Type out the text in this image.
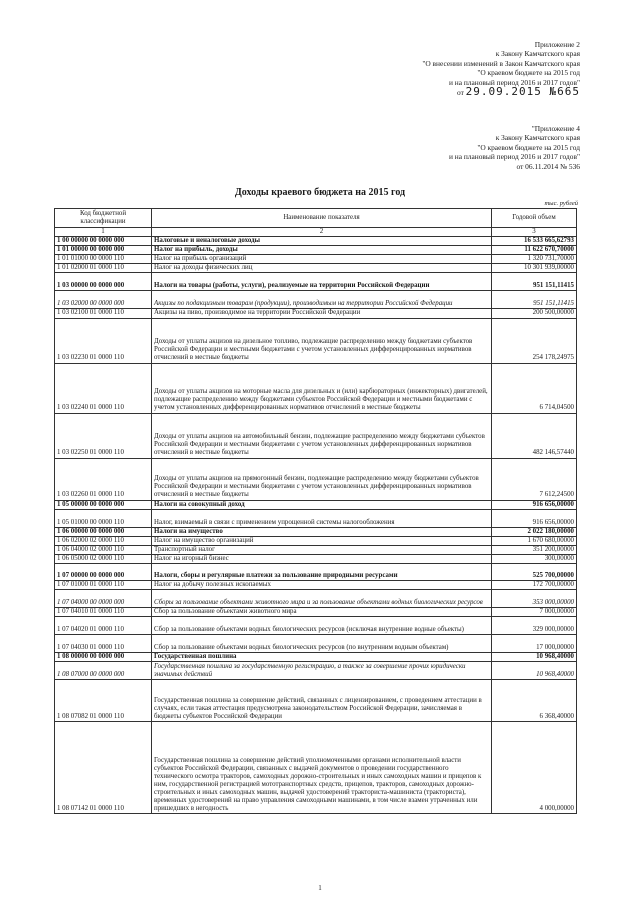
Приложение 2
к Закону Камчатского края
"О внесении изменений в Закон Камчатского края
"О краевом бюджете на 2015 год
и на плановый период 2016 и 2017 годов"
от 29.09.2015 №665
"Приложение 4
к Закону Камчатского края
"О краевом бюджете на 2015 год
и на плановый период 2016 и 2017 годов"
от 06.11.2014 № 536
Доходы краевого бюджета на 2015 год
тыс. рублей
Код бюджетной классификации	Наименование показателя	Годовой объем
1	2	3
1 00 00000 00 0000 000	Налоговые и неналоговые доходы	16 533 665,62793
1 01 00000 00 0000 000	Налог на прибыль, доходы	11 622 670,70000
1 01 01000 00 0000 110	Налог на прибыль организаций	1 320 731,70000
1 01 02000 01 0000 110	Налог на доходы физических лиц	10 301 939,00000
1 03 00000 00 0000 000	Налоги на товары (работы, услуги), реализуемые на территории Российской Федерации	951 151,11415
1 03 02000 00 0000 000	Акцизы по подакцизным товарам (продукции), производимым на территории Российской Федерации	951 151,11415
1 03 02100 01 0000 110	Акцизы на пиво, производимое на территории Российской Федерации	200 500,00000
1 03 02230 01 0000 110	Доходы от уплаты акцизов на дизельное топливо, подлежащие распределению между бюджетами субъектов Российской Федерации и местными бюджетами с учетом установленных дифференцированных нормативов отчислений в местные бюджеты	254 178,24975
1 03 02240 01 0000 110	Доходы от уплаты акцизов на моторные масла для дизельных и (или) карбюраторных (инжекторных) двигателей, подлежащие распределению между бюджетами субъектов Российской Федерации и местными бюджетами с учетом установленных дифференцированных нормативов отчислений в местные бюджеты	6 714,04500
1 03 02250 01 0000 110	Доходы от уплаты акцизов на автомобильный бензин, подлежащие распределению между бюджетами субъектов Российской Федерации и местными бюджетами с учетом установленных дифференцированных нормативов отчислений в местные бюджеты	482 146,57440
1 03 02260 01 0000 110	Доходы от уплаты акцизов на прямогонный бензин, подлежащие распределению между бюджетами субъектов Российской Федерации и местными бюджетами с учетом установленных дифференцированных нормативов отчислений в местные бюджеты	7 612,24500
1 05 00000 00 0000 000	Налоги на совокупный доход	916 656,00000
1 05 01000 00 0000 110	Налог, взимаемый в связи с применением упрощенной системы налогообложения	916 656,00000
1 06 00000 00 0000 000	Налоги на имущество	2 022 180,00000
1 06 02000 02 0000 110	Налог на имущество организаций	1 670 680,00000
1 06 04000 02 0000 110	Транспортный налог	351 200,00000
1 06 05000 02 0000 110	Налог на игорный бизнес	300,00000
1 07 00000 00 0000 000	Налоги, сборы и регулярные платежи за пользование природными ресурсами	525 700,00000
1 07 01000 01 0000 110	Налог на добычу полезных ископаемых	172 700,00000
1 07 04000 00 0000 000	Сборы за пользование объектами животного мира и за пользование объектами водных биологических ресурсов	353 000,00000
1 07 04010 01 0000 110	Сбор за пользование объектами животного мира	7 000,00000
1 07 04020 01 0000 110	Сбор за пользование объектами водных биологических ресурсов (исключая внутренние водные объекты)	329 000,00000
1 07 04030 01 0000 110	Сбор за пользование объектами водных биологических ресурсов (по внутренним водным объектам)	17 000,00000
1 08 00000 00 0000 000	Государственная пошлина	10 968,40000
1 08 07000 00 0000 000	Государственная пошлина за государственную регистрацию, а также за совершение прочих юридически значимых действий	10 968,40000
1 08 07082 01 0000 110	Государственная пошлина за совершение действий, связанных с лицензированием, с проведением аттестации в случаях, если такая аттестация предусмотрена законодательством Российской Федерации, зачисляемая в бюджеты субъектов Российской Федерации	6 368,40000
1 08 07142 01 0000 110	Государственная пошлина за совершение действий уполномоченными органами исполнительной власти субъектов Российской Федерации, связанных с выдачей документов о проведении государственного технического осмотра тракторов, самоходных дорожно-строительных и иных самоходных машин и прицепов к ним, государственной регистрацией мототранспортных средств, прицепов, тракторов, самоходных дорожно-строительных и иных самоходных машин, выдачей удостоверений тракториста-машиниста (тракториста), временных удостоверений на право управления самоходными машинами, в том числе взамен утраченных или пришедших в негодность	4 000,00000
1
